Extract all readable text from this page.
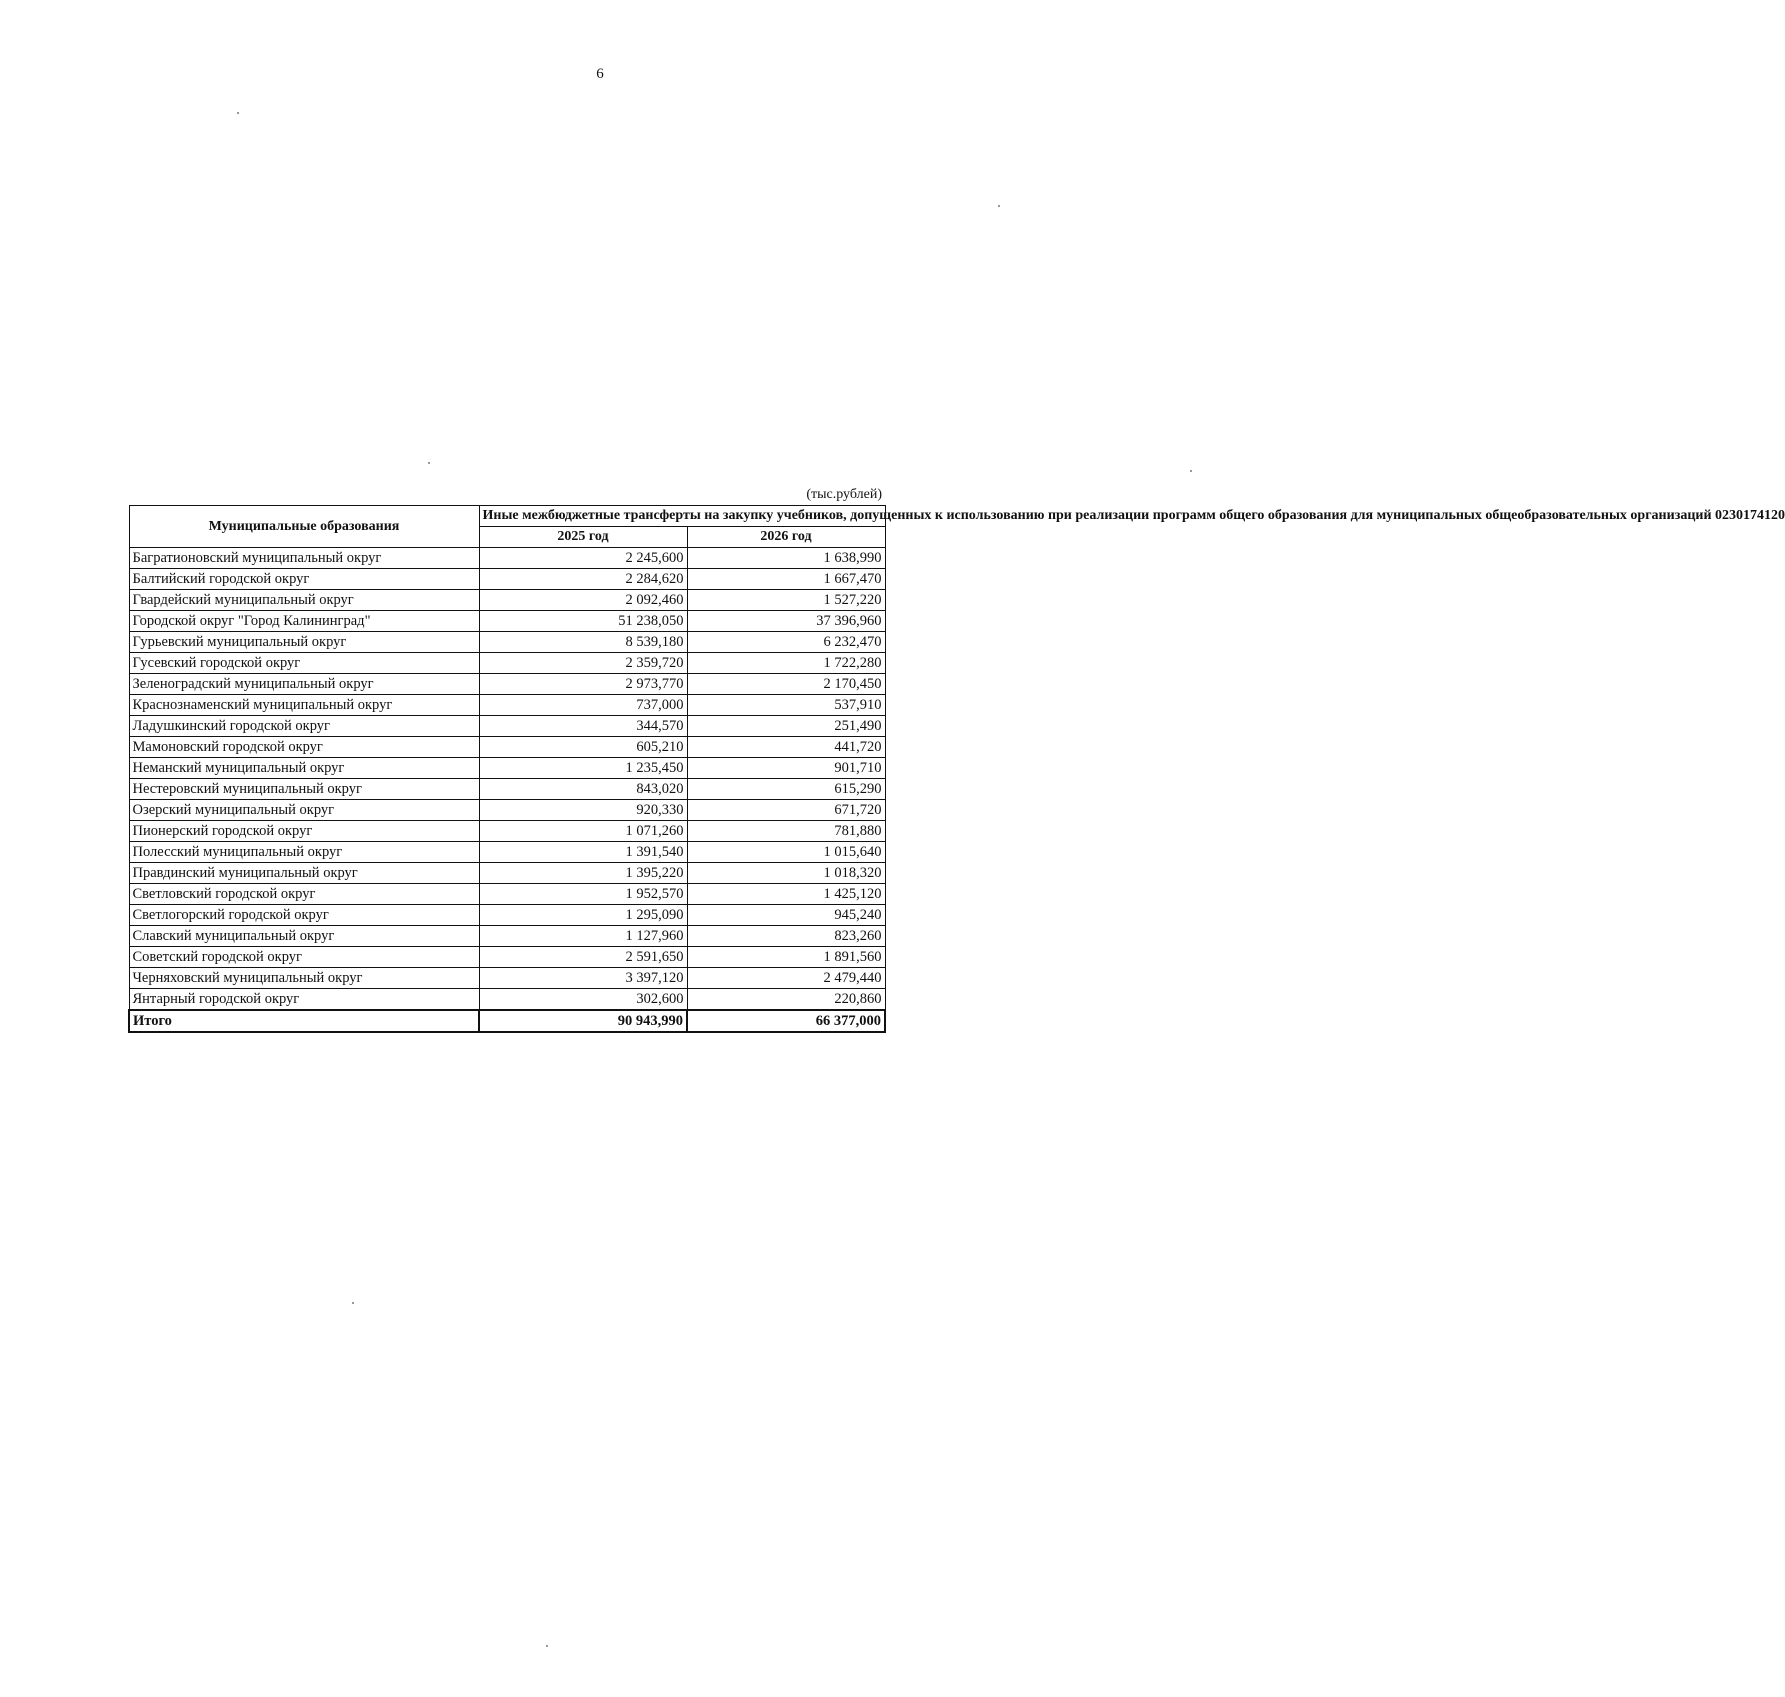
6
(тыс.рублей)
Муниципальные образования	Иные межбюджетные трансферты на закупку учебников, допущенных к использованию при реализации программ общего образования для муниципальных общеобразовательных организаций 0230174120	
	2025 год	2026 год
Багратионовский муниципальный округ	2 245,600	1 638,990
Балтийский городской округ	2 284,620	1 667,470
Гвардейский муниципальный округ	2 092,460	1 527,220
Городской округ "Город Калининград"	51 238,050	37 396,960
Гурьевский муниципальный округ	8 539,180	6 232,470
Гусевский городской округ	2 359,720	1 722,280
Зеленоградский муниципальный округ	2 973,770	2 170,450
Краснознаменский муниципальный округ	737,000	537,910
Ладушкинский городской округ	344,570	251,490
Мамоновский городской округ	605,210	441,720
Неманский муниципальный округ	1 235,450	901,710
Нестеровский муниципальный округ	843,020	615,290
Озерский муниципальный округ	920,330	671,720
Пионерский городской округ	1 071,260	781,880
Полесский муниципальный округ	1 391,540	1 015,640
Правдинский муниципальный округ	1 395,220	1 018,320
Светловский городской округ	1 952,570	1 425,120
Светлогорский городской округ	1 295,090	945,240
Славский муниципальный округ	1 127,960	823,260
Советский городской округ	2 591,650	1 891,560
Черняховский муниципальный округ	3 397,120	2 479,440
Янтарный городской округ	302,600	220,860
Итого	90 943,990	66 377,000
